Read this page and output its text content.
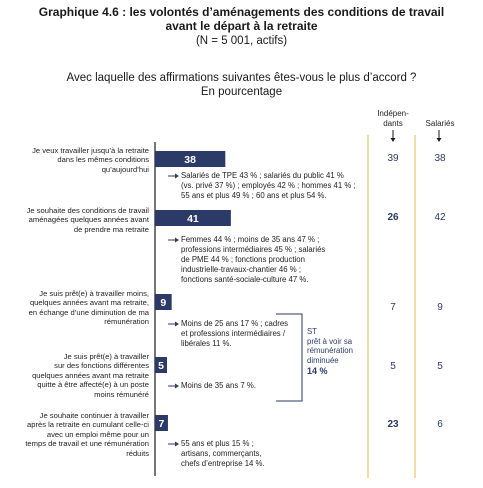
Graphique 4.6 : les volontés d’aménagements des conditions de travail
avant le départ à la retraite
(N = 5 001, actifs)
Avec laquelle des affirmations suivantes êtes-vous le plus d’accord ?
En pourcentage
Indépen-
dants	Salariés
38
41
9
5
7
Je veux travailler jusqu’à la retraite
dans les mêmes conditions
qu’aujourd’hui
Salariés de TPE 43 % ; salariés du public 41 %
(vs. privé 37 %) ; employés 42 % ; hommes 41 % ;
55 ans et plus 49 % ; 60 ans et plus 54 %.
39	38
Je souhaite des conditions de travail
aménagées quelques années avant
de prendre ma retraite
Femmes 44 % ; moins de 35 ans 47 % ;
professions intermédiaires 45 % ; salariés
de PME 44 % ; fonctions production
industrielle-travaux-chantier 46 % ;
fonctions santé-sociale-culture 47 %.
26	42
Je suis prêt(e) à travailler moins,
quelques années avant ma retraite,
en échange d’une diminution de ma
rémunération	Moins de 25 ans 17 % ; cadres
et professions intermédiaires /
libérales 11 %.
7	9
Je suis prêt(e) à travailler
sur des fonctions différentes
quelques années avant ma retraite
quitte à être affecté(e) à un poste
moins rémunéré
Moins de 35 ans 7 %.
5	5
Je souhaite continuer à travailler
après la retraite en cumulant celle-ci
avec un emploi même pour un
temps de travail et une rémunération
réduits
55 ans et plus 15 % ;
artisans, commerçants,
chefs d’entreprise 14 %.
23	6
ST
prêt à voir sa
rémunération
diminuée
14 %
